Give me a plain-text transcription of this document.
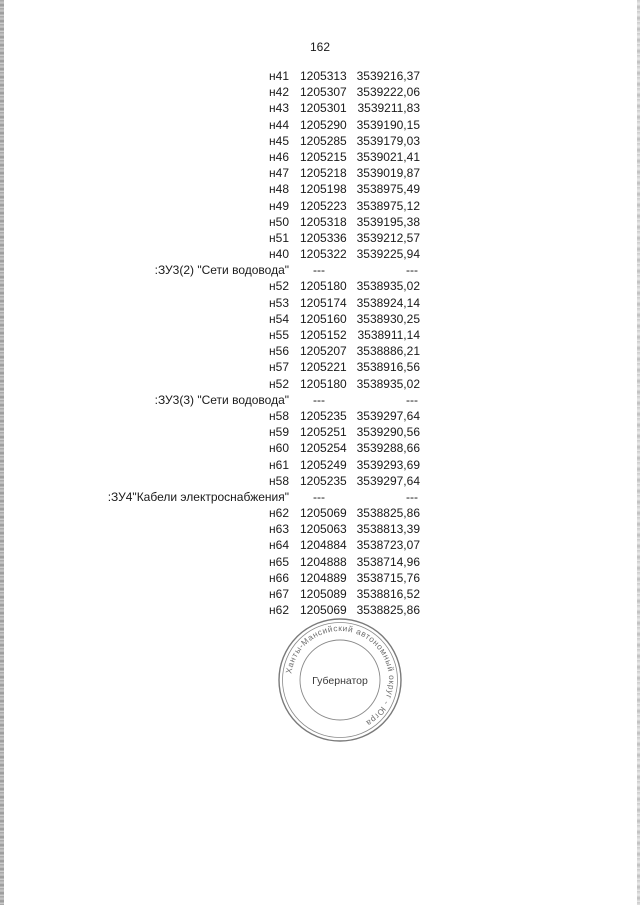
162
н41 1205313 3539216,37
н42 1205307 3539222,06
н43 1205301 3539211,83
н44 1205290 3539190,15
н45 1205285 3539179,03
н46 1205215 3539021,41
н47 1205218 3539019,87
н48 1205198 3538975,49
н49 1205223 3538975,12
н50 1205318 3539195,38
н51 1205336 3539212,57
н40 1205322 3539225,94
:ЗУ3(2) "Сети водовода" ---	---
н52 1205180 3538935,02
н53 1205174 3538924,14
н54 1205160 3538930,25
н55 1205152 3538911,14
н56 1205207 3538886,21
н57 1205221 3538916,56
н52 1205180 3538935,02
:ЗУ3(3) "Сети водовода" ---	---
н58 1205235 3539297,64
н59 1205251 3539290,56
н60 1205254 3539288,66
н61 1205249 3539293,69
н58 1205235 3539297,64
:ЗУ4"Кабели электроснабжения" ---	---
н62 1205069 3538825,86
н63 1205063 3538813,39
н64 1204884 3538723,07
н65 1204888 3538714,96
н66 1204889 3538715,76
н67 1205089 3538816,52
н62 1205069 3538825,86
Ханты-Мансийский автономный округ - Югра
Губернатор
